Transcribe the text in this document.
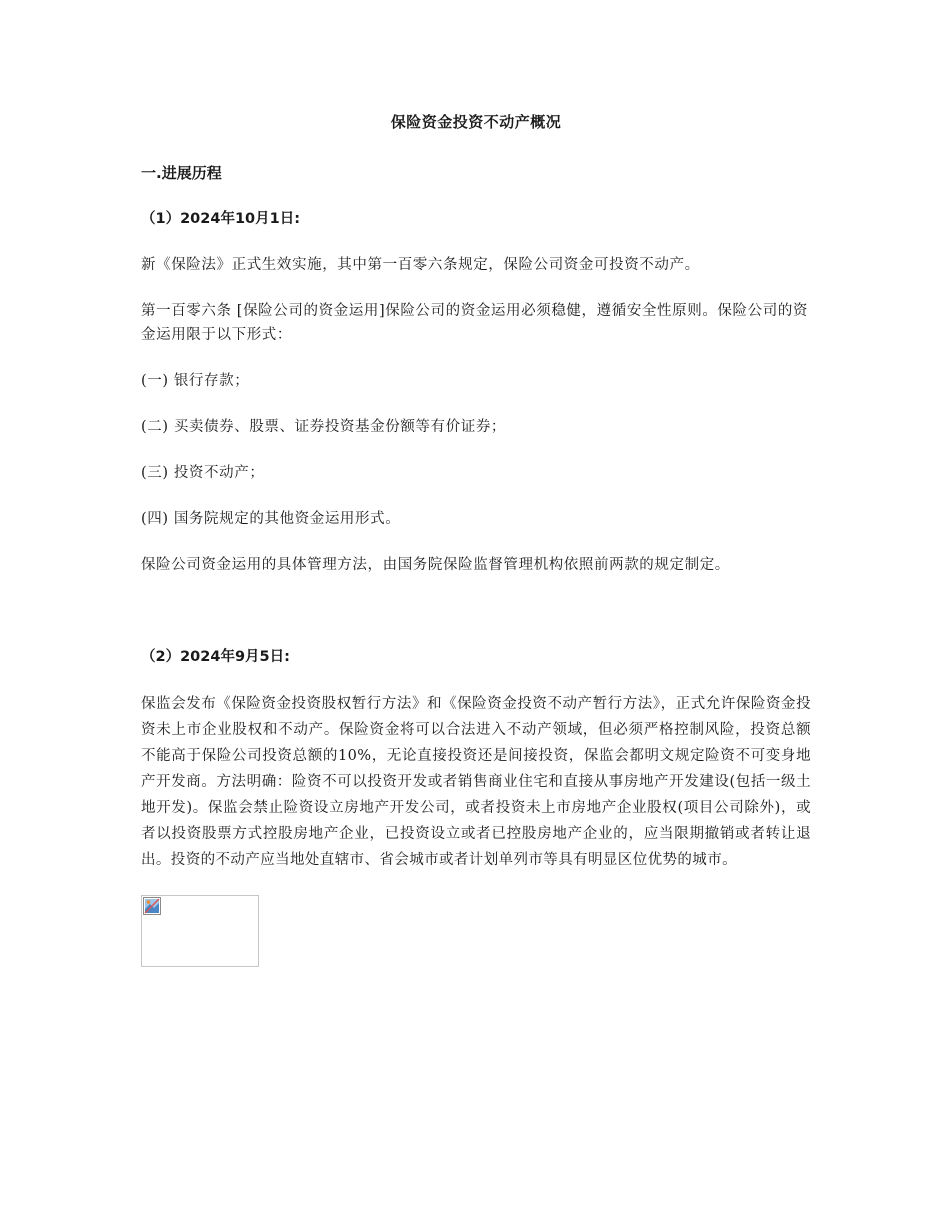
保险资金投资不动产概况
一.进展历程
（1）2024年10月1日:
新《保险法》正式生效实施，其中第一百零六条规定，保险公司资金可投资不动产。
第一百零六条 [保险公司的资金运用]保险公司的资金运用必须稳健，遵循安全性原则。保险公司的资金运用限于以下形式：
(一) 银行存款；
(二) 买卖债券、股票、证券投资基金份额等有价证券；
(三) 投资不动产；
(四) 国务院规定的其他资金运用形式。
保险公司资金运用的具体管理方法，由国务院保险监督管理机构依照前两款的规定制定。
（2）2024年9月5日:
保监会发布《保险资金投资股权暂行方法》和《保险资金投资不动产暂行方法》，正式允许保险资金投资未上市企业股权和不动产。保险资金将可以合法进入不动产领域，但必须严格控制风险，投资总额不能高于保险公司投资总额的10%，无论直接投资还是间接投资，保监会都明文规定险资不可变身地产开发商。方法明确：险资不可以投资开发或者销售商业住宅和直接从事房地产开发建设(包括一级土地开发)。保监会禁止险资设立房地产开发公司，或者投资未上市房地产企业股权(项目公司除外)，或者以投资股票方式控股房地产企业，已投资设立或者已控股房地产企业的，应当限期撤销或者转让退出。投资的不动产应当地处直辖市、省会城市或者计划单列市等具有明显区位优势的城市。
